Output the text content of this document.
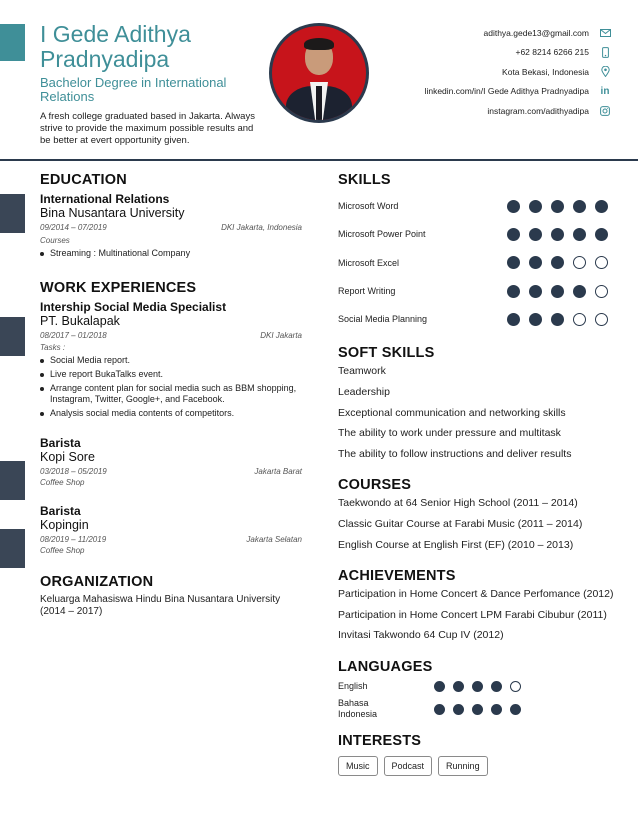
I Gede Adithya Pradnyadipa
Bachelor Degree in International Relations
A fresh college graduated based in Jakarta. Always strive to provide the maximum possible results and be better at evert opportunity given.
adithya.gede13@gmail.com
+62 8214 6266 215
Kota Bekasi, Indonesia
linkedin.com/in/I Gede Adithya Pradnyadipa in
instagram.com/adithyadipa
EDUCATION
International Relations
Bina Nusantara University
09/2014 – 07/2019	DKI Jakarta, Indonesia
Courses
Streaming : Multinational Company
WORK EXPERIENCES
Intership Social Media Specialist
PT. Bukalapak
08/2017 – 01/2018	DKI Jakarta
Tasks :
Social Media report.
Live report BukaTalks event.
Arrange content plan for social media such as BBM shopping, Instagram, Twitter, Google+, and Facebook.
Analysis social media contents of competitors.
Barista
Kopi Sore
03/2018 – 05/2019	Jakarta Barat
Coffee Shop
Barista
Kopingin
08/2019 – 11/2019	Jakarta Selatan
Coffee Shop
ORGANIZATION
Keluarga Mahasiswa Hindu Bina Nusantara University (2014 – 2017)
SKILLS
Microsoft Word
Microsoft Power Point
Microsoft Excel
Report Writing
Social Media Planning
SOFT SKILLS
Teamwork
Leadership
Exceptional communication and networking skills
The ability to work under pressure and multitask
The ability to follow instructions and deliver results
COURSES
Taekwondo at 64 Senior High School (2011 – 2014)
Classic Guitar Course at Farabi Music (2011 – 2014)
English Course at English First (EF) (2010 – 2013)
ACHIEVEMENTS
Participation in Home Concert & Dance Perfomance (2012)
Participation in Home Concert LPM Farabi Cibubur (2011)
Invitasi Takwondo 64 Cup IV (2012)
LANGUAGES
English
Bahasa Indonesia
INTERESTS
Music	Podcast	Running
